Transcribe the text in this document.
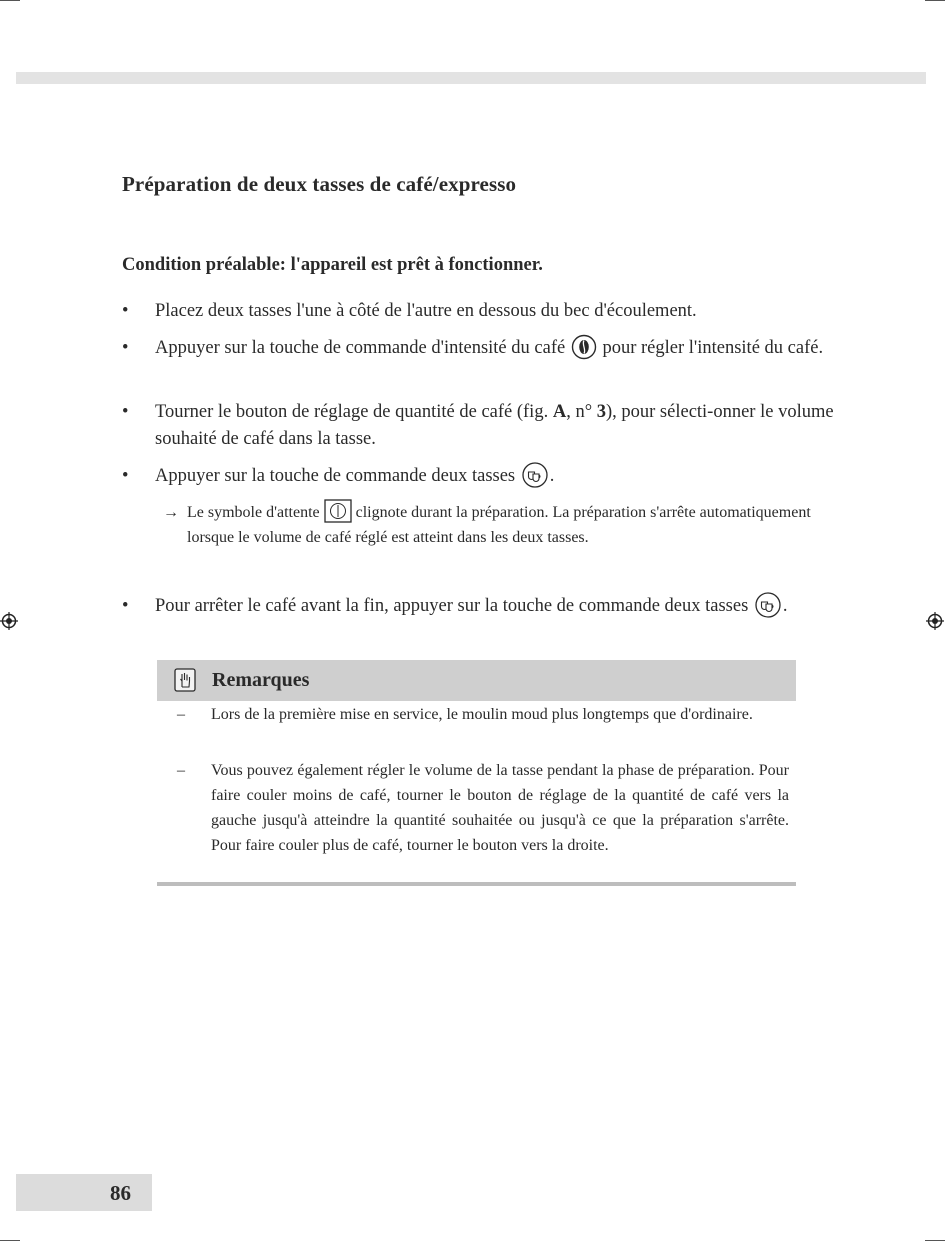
Préparation de deux tasses de café/expresso

Condition préalable: l'appareil est prêt à fonctionner.

• Placez deux tasses l'une à côté de l'autre en dessous du bec d'écoulement.
• Appuyer sur la touche de commande d'intensité du café pour régler l'intensité du café.
• Tourner le bouton de réglage de quantité de café (fig. A, n° 3), pour sélecti-onner le volume souhaité de café dans la tasse.
• Appuyer sur la touche de commande deux tasses .
• Pour arrêter le café avant la fin, appuyer sur la touche de commande deux tasses .
→ Le symbole d'attente clignote durant la préparation. La préparation s'arrête automatiquement lorsque le volume de café réglé est atteint dans les deux tasses.
Remarques
– Lors de la première mise en service, le moulin moud plus longtemps que d'ordinaire.
– Vous pouvez également régler le volume de la tasse pendant la phase de préparation. Pour faire couler moins de café, tourner le bouton de réglage de la quantité de café vers la gauche jusqu'à atteindre la quantité souhaitée ou jusqu'à ce que la préparation s'arrête. Pour faire couler plus de café, tourner le bouton vers la droite.
86
